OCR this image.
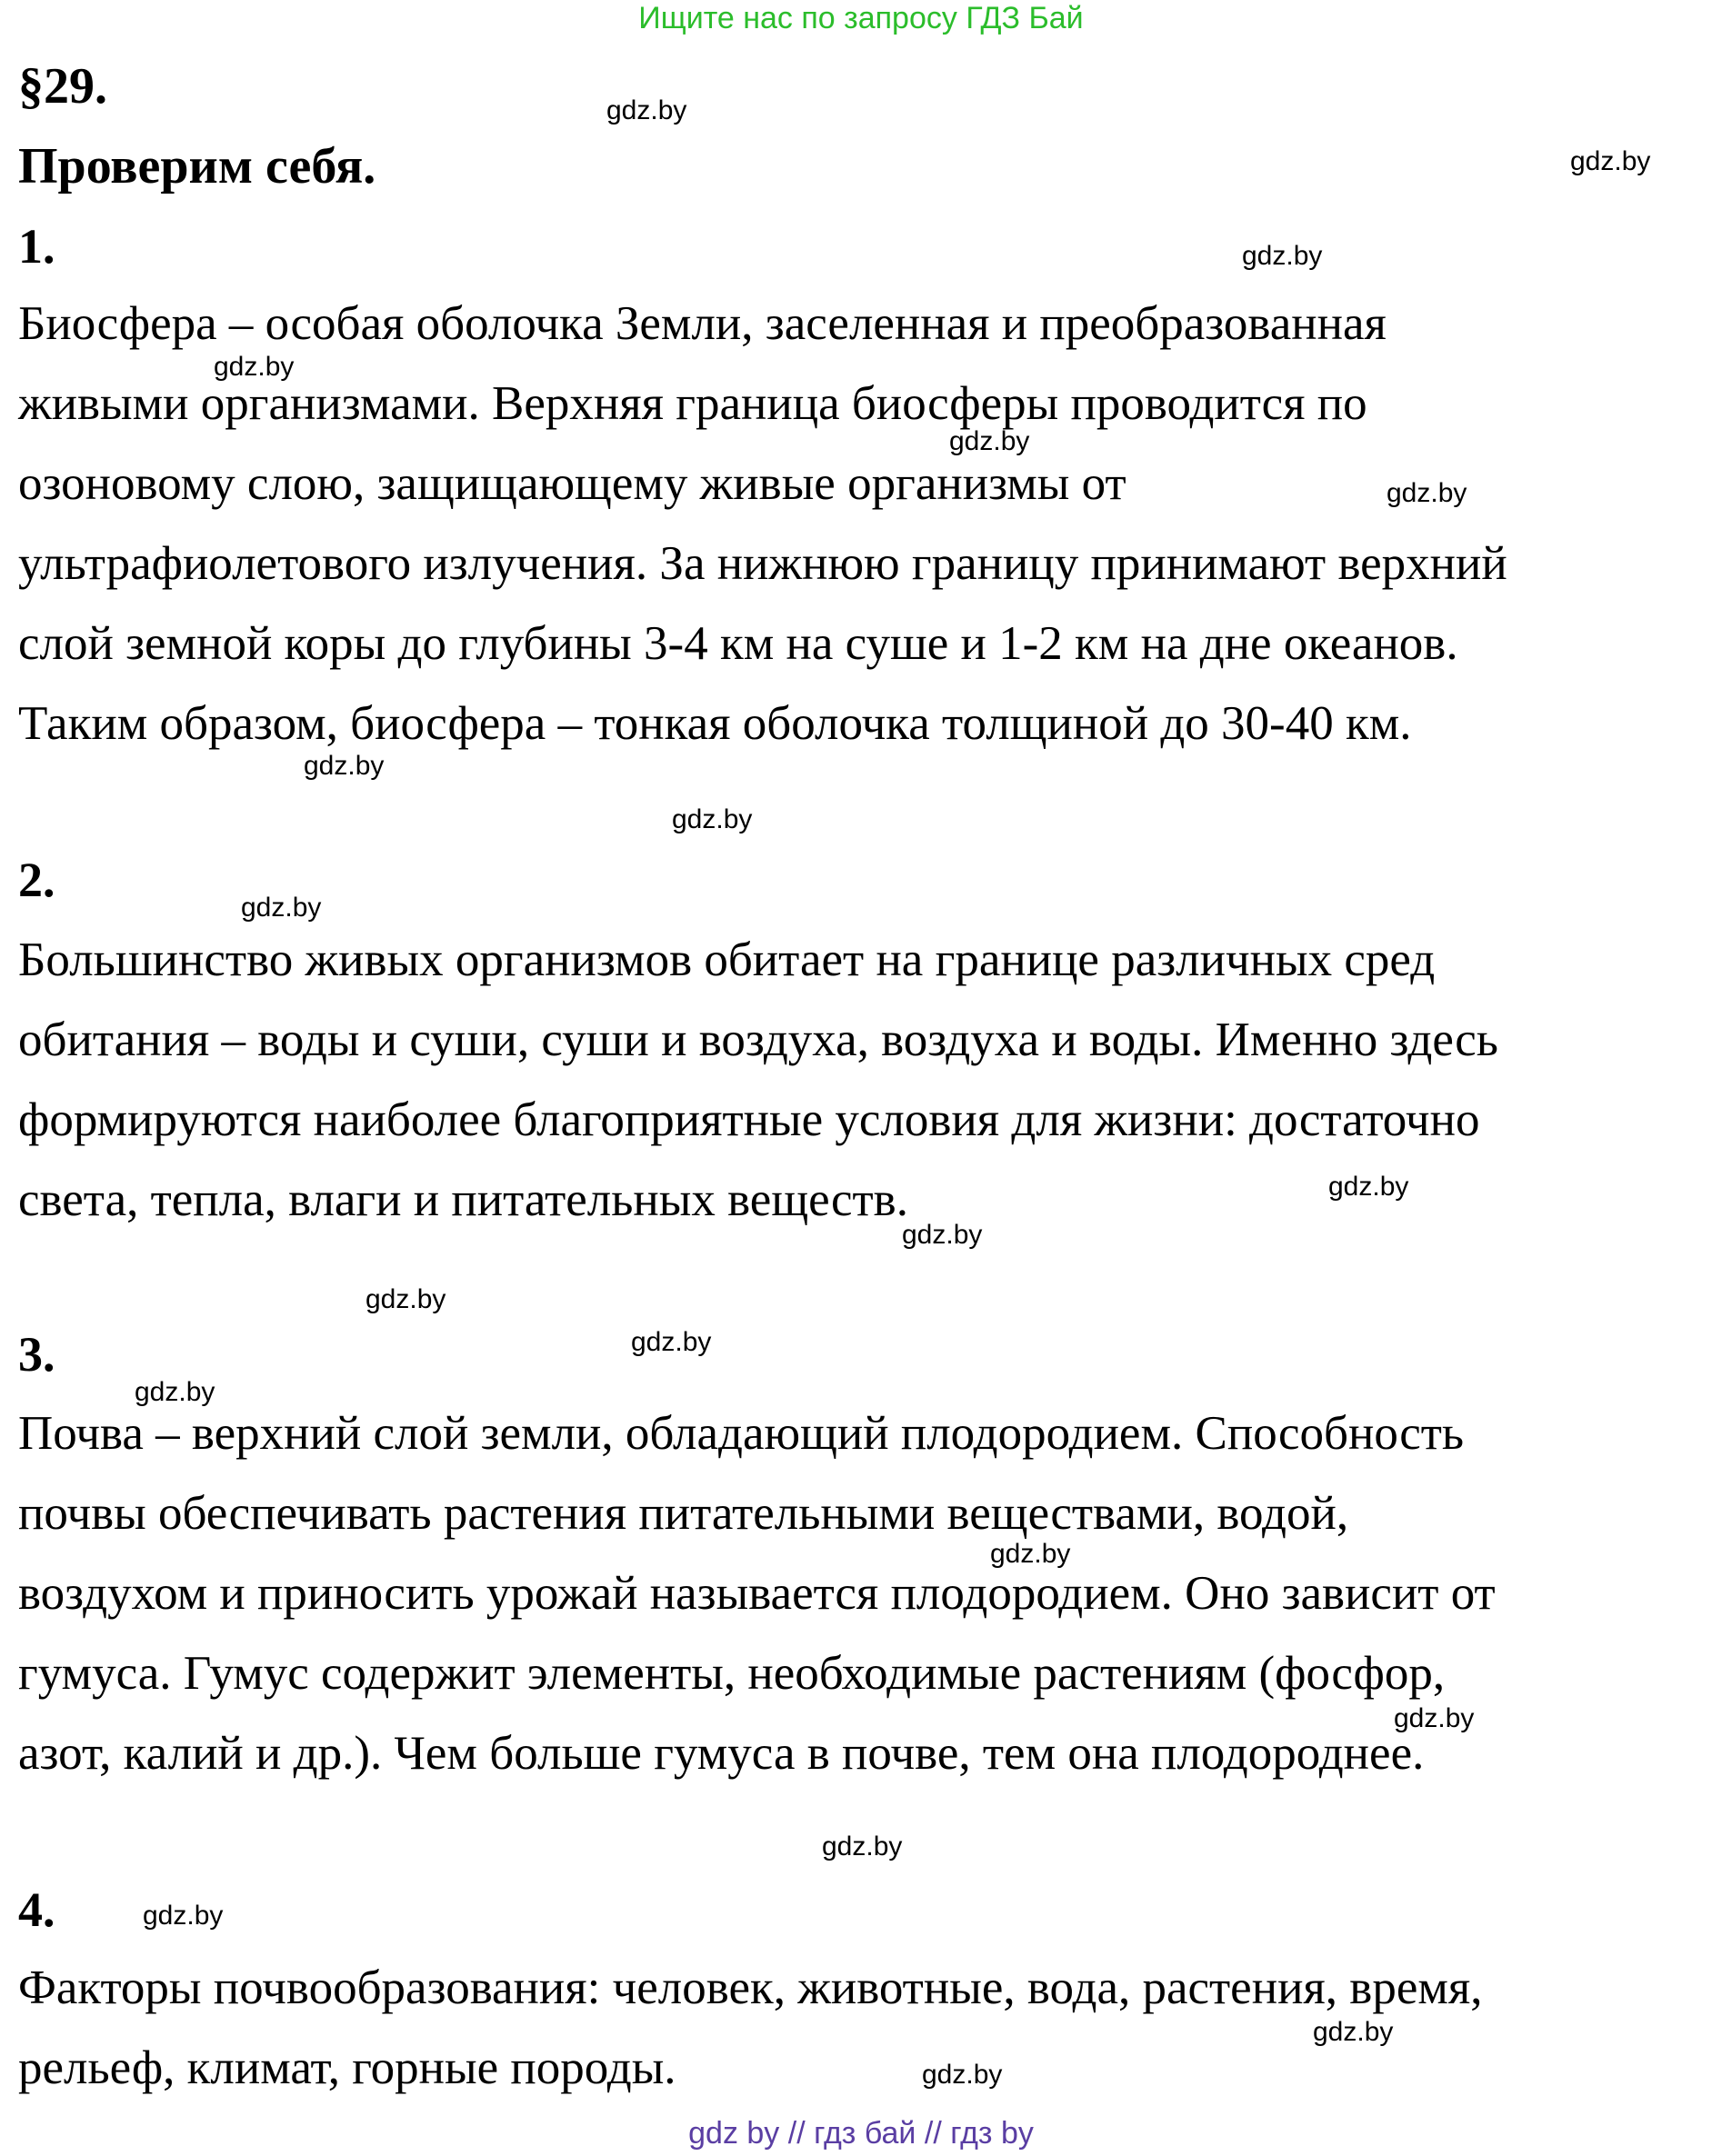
Ищите нас по запросу ГДЗ Бай
§29.
Проверим себя.
1.
Биосфера – особая оболочка Земли, заселенная и преобразованная
живыми организмами. Верхняя граница биосферы проводится по
озоновому слою, защищающему живые организмы от
ультрафиолетового излучения. За нижнюю границу принимают верхний
слой земной коры до глубины 3-4 км на суше и 1-2 км на дне океанов.
Таким образом, биосфера – тонкая оболочка толщиной до 30-40 км.
2.
Большинство живых организмов обитает на границе различных сред
обитания – воды и суши, суши и воздуха, воздуха и воды. Именно здесь
формируются наиболее благоприятные условия для жизни: достаточно
света, тепла, влаги и питательных веществ.
3.
Почва – верхний слой земли, обладающий плодородием. Способность
почвы обеспечивать растения питательными веществами, водой,
воздухом и приносить урожай называется плодородием. Оно зависит от
гумуса. Гумус содержит элементы, необходимые растениям (фосфор,
азот, калий и др.). Чем больше гумуса в почве, тем она плодороднее.
4.
Факторы почвообразования: человек, животные, вода, растения, время,
рельеф, климат, горные породы.
gdz.by
gdz.by
gdz.by
gdz.by
gdz.by
gdz.by
gdz.by
gdz.by
gdz.by
gdz.by
gdz.by
gdz.by
gdz.by
gdz.by
gdz.by
gdz.by
gdz.by
gdz.by
gdz.by
gdz.by
gdz by // гдз бай // гдз by
